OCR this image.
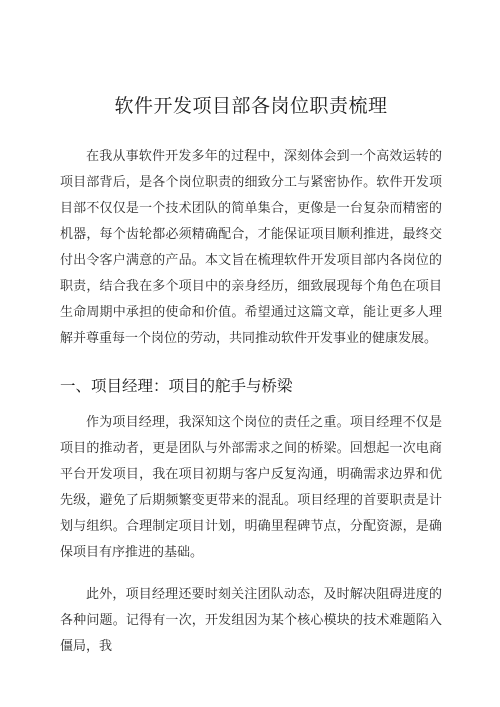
软件开发项目部各岗位职责梳理

在我从事软件开发多年的过程中，深刻体会到一个高效运转的项目部背后，是各个岗位职责的细致分工与紧密协作。软件开发项目部不仅仅是一个技术团队的简单集合，更像是一台复杂而精密的机器，每个齿轮都必须精确配合，才能保证项目顺利推进，最终交付出令客户满意的产品。本文旨在梳理软件开发项目部内各岗位的职责，结合我在多个项目中的亲身经历，细致展现每个角色在项目生命周期中承担的使命和价值。希望通过这篇文章，能让更多人理解并尊重每一个岗位的劳动，共同推动软件开发事业的健康发展。

一、项目经理：项目的舵手与桥梁

作为项目经理，我深知这个岗位的责任之重。项目经理不仅是项目的推动者，更是团队与外部需求之间的桥梁。回想起一次电商平台开发项目，我在项目初期与客户反复沟通，明确需求边界和优先级，避免了后期频繁变更带来的混乱。项目经理的首要职责是计划与组织。合理制定项目计划，明确里程碑节点，分配资源，是确保项目有序推进的基础。

此外，项目经理还要时刻关注团队动态，及时解决阻碍进度的各种问题。记得有一次，开发组因为某个核心模块的技术难题陷入僵局，我
